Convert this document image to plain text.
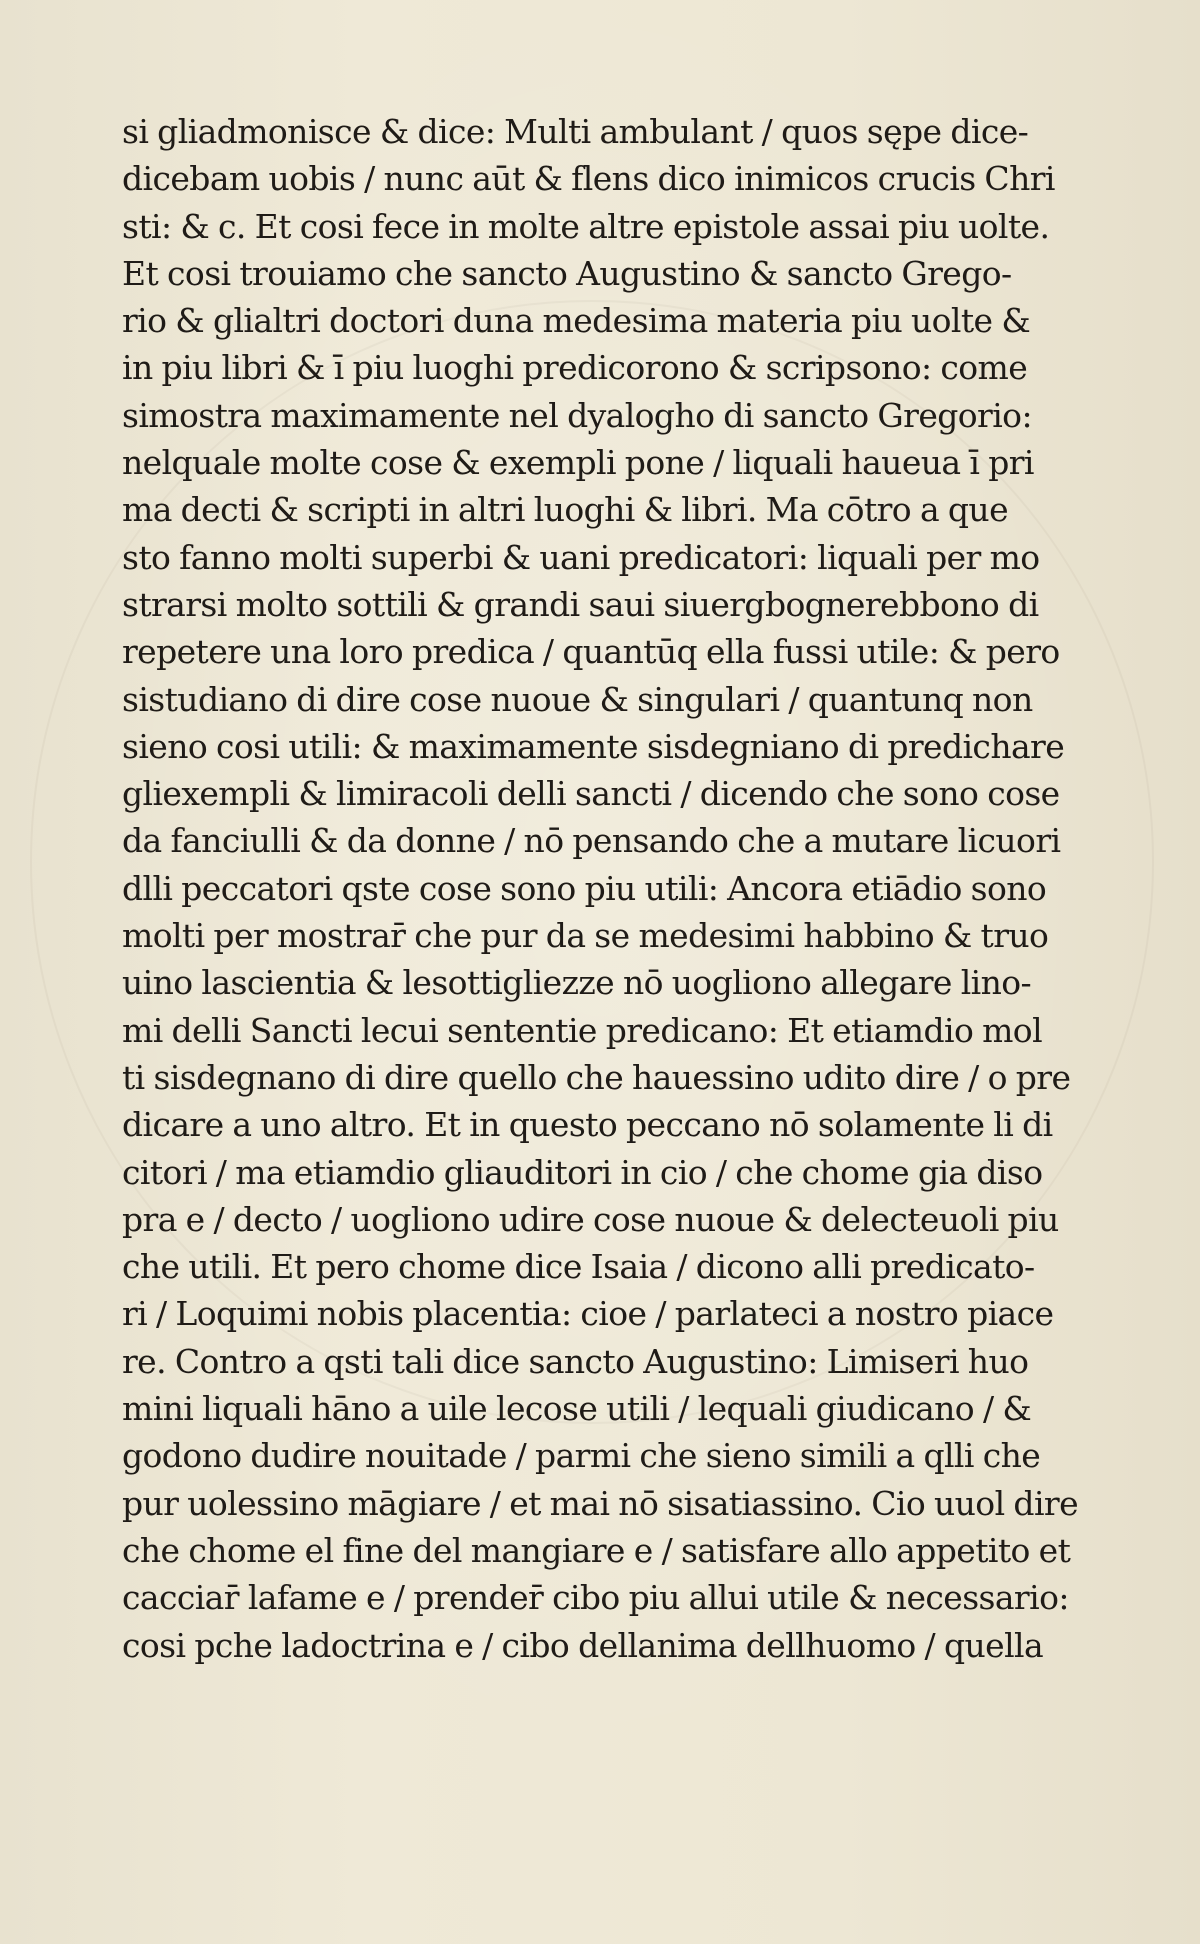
si gliadmonisce & dice: Multi ambulant / quos sępe dice-
dicebam uobis / nunc aūt & flens dico inimicos crucis Chri
sti: & c. Et cosi fece in molte altre epistole assai piu uolte.
Et cosi trouiamo che sancto Augustino & sancto Grego-
rio & glialtri doctori duna medesima materia piu uolte &
in piu libri & ī piu luoghi predicorono & scripsono: come
simostra maximamente nel dyalogho di sancto Gregorio:
nelquale molte cose & exempli pone / liquali haueua ī pri
ma decti & scripti in altri luoghi & libri. Ma cōtro a que
sto fanno molti superbi & uani predicatori: liquali per mo
strarsi molto sottili & grandi saui siuergbognerebbono di
repetere una loro predica / quantūq ella fussi utile: & pero
sistudiano di dire cose nuoue & singulari / quantunq non
sieno cosi utili: & maximamente sisdegniano di predichare
gliexempli & limiracoli delli sancti / dicendo che sono cose
da fanciulli & da donne / nō pensando che a mutare licuori
dlli peccatori qste cose sono piu utili: Ancora etiādio sono
molti per mostrar̄ che pur da se medesimi habbino & truo
uino lascientia & lesottigliezze nō uogliono allegare lino-
mi delli Sancti lecui sententie predicano: Et etiamdio mol
ti sisdegnano di dire quello che hauessino udito dire / o pre
dicare a uno altro. Et in questo peccano nō solamente li di
citori / ma etiamdio gliauditori in cio / che chome gia diso
pra e / decto / uogliono udire cose nuoue & delecteuoli piu
che utili. Et pero chome dice Isaia / dicono alli predicato-
ri / Loquimi nobis placentia: cioe / parlateci a nostro piace
re. Contro a qsti tali dice sancto Augustino: Limiseri huo
mini liquali hāno a uile lecose utili / lequali giudicano / &
godono dudire nouitade / parmi che sieno simili a qlli che
pur uolessino māgiare / et mai nō sisatiassino. Cio uuol dire
che chome el fine del mangiare e / satisfare allo appetito et
cacciar̄ lafame e / prender̄ cibo piu allui utile & necessario:
cosi pche ladoctrina e / cibo dellanima dellhuomo / quella
